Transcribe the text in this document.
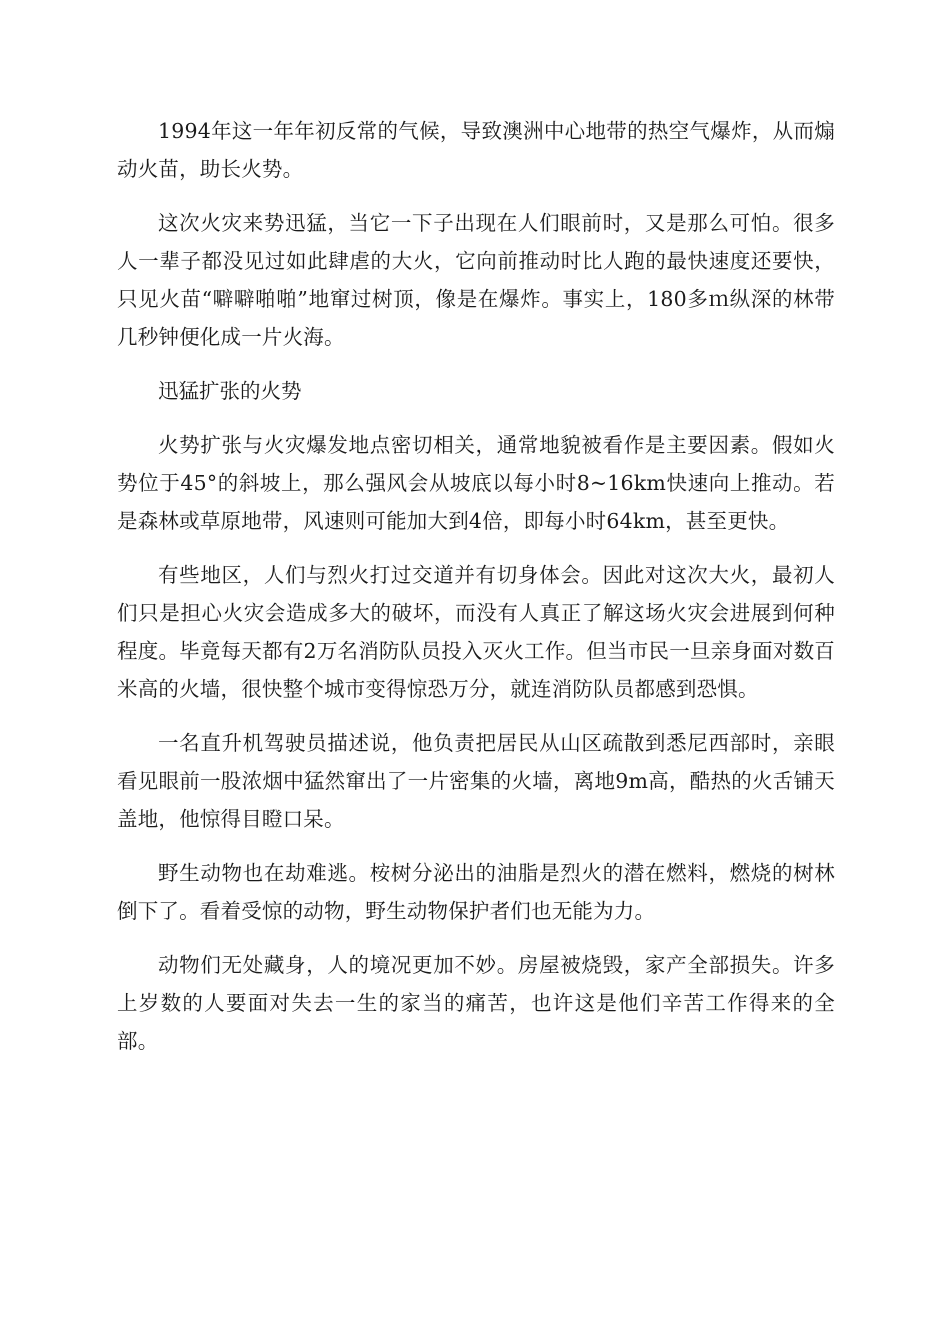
1994年这一年年初反常的气候，导致澳洲中心地带的热空气爆炸，从而煽动火苗，助长火势。

这次火灾来势迅猛，当它一下子出现在人们眼前时，又是那么可怕。很多人一辈子都没见过如此肆虐的大火，它向前推动时比人跑的最快速度还要快，只见火苗“噼噼啪啪”地窜过树顶，像是在爆炸。事实上，180多ｍ纵深的林带几秒钟便化成一片火海。

迅猛扩张的火势

火势扩张与火灾爆发地点密切相关，通常地貌被看作是主要因素。假如火势位于45°的斜坡上，那么强风会从坡底以每小时8~16km快速向上推动。若是森林或草原地带，风速则可能加大到4倍，即每小时64km，甚至更快。

有些地区，人们与烈火打过交道并有切身体会。因此对这次大火，最初人们只是担心火灾会造成多大的破坏，而没有人真正了解这场火灾会进展到何种程度。毕竟每天都有2万名消防队员投入灭火工作。但当市民一旦亲身面对数百米高的火墙，很快整个城市变得惊恐万分，就连消防队员都感到恐惧。

一名直升机驾驶员描述说，他负责把居民从山区疏散到悉尼西部时，亲眼看见眼前一股浓烟中猛然窜出了一片密集的火墙，离地9m高，酷热的火舌铺天盖地，他惊得目瞪口呆。

野生动物也在劫难逃。桉树分泌出的油脂是烈火的潜在燃料，燃烧的树林倒下了。看着受惊的动物，野生动物保护者们也无能为力。

动物们无处藏身，人的境况更加不妙。房屋被烧毁，家产全部损失。许多上岁数的人要面对失去一生的家当的痛苦，也许这是他们辛苦工作得来的全部。
